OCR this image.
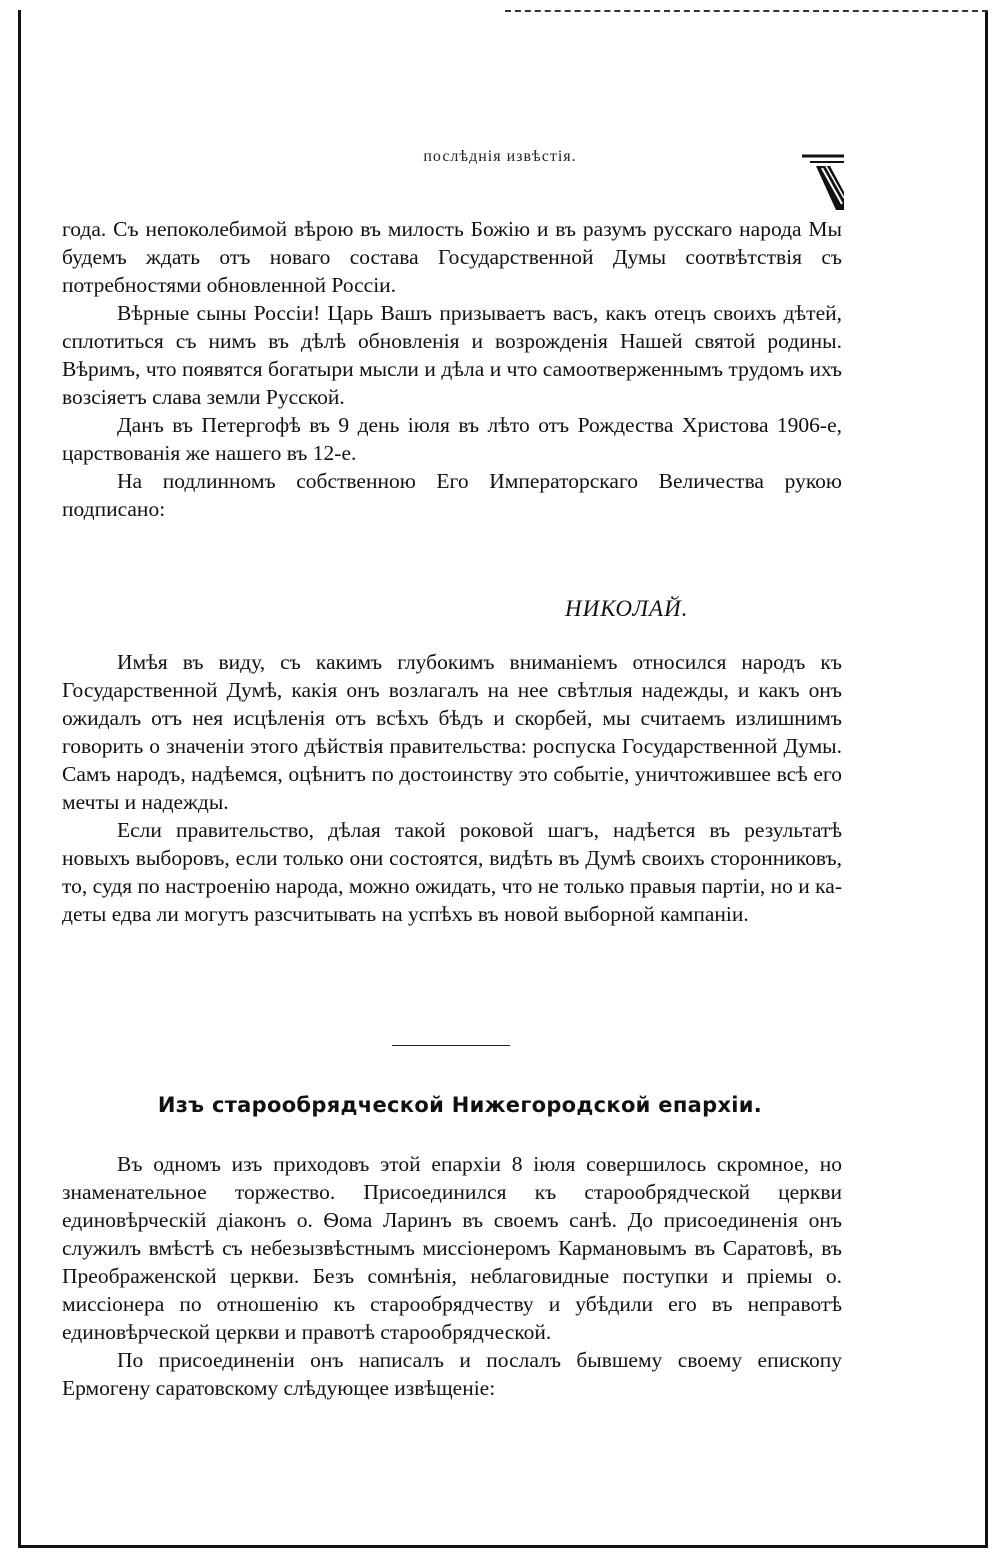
послѣднія извѣстія.

года. Съ непоколебимой вѣрою въ милость Божію и въ разумъ русскаго народа Мы будемъ ждать отъ новаго состава Государственной Думы соотвѣтствія съ потребностями обновленной Россіи.

Вѣрные сыны Россіи! Царь Вашъ призываетъ васъ, какъ отецъ своихъ дѣтей, сплотиться съ нимъ въ дѣлѣ обновленія и возрожденія Нашей святой родины. Вѣримъ, что появятся богатыри мысли и дѣла и что самоотверженнымъ трудомъ ихъ возсіяетъ слава земли Русской.

Данъ въ Петергофѣ въ 9 день іюля въ лѣто отъ Рождества Христова 1906-е, царствованія же нашего въ 12-е.

На подлинномъ собственною Его Императорскаго Величества рукою подписано:

НИКОЛАЙ.

Имѣя въ виду, съ какимъ глубокимъ вниманіемъ относился народъ къ Государственной Думѣ, какія онъ возлагалъ на нее свѣтлыя надежды, и какъ онъ ожидалъ отъ нея исцѣленія отъ всѣхъ бѣдъ и скорбей, мы считаемъ излишнимъ говорить о значеніи этого дѣйствія правительства: роспуска Государственной Думы. Самъ народъ, надѣемся, оцѣнитъ по достоинству это событіе, уничтожившее всѣ его мечты и надежды.

Если правительство, дѣлая такой роковой шагъ, надѣется въ результатѣ новыхъ выборовъ, если только они состоятся, видѣть въ Думѣ своихъ сторонниковъ, то, судя по настроенію народа, можно ожидать, что не только правыя партіи, но и ка-деты едва ли могутъ разсчитывать на успѣхъ въ новой выборной кампаніи.

Изъ старообрядческой Нижегородской епархіи.

Въ одномъ изъ приходовъ этой епархіи 8 іюля совершилось скромное, но знаменательное торжество. Присоединился къ старообрядческой церкви единовѣрческій діаконъ о. Ѳома Ларинъ въ своемъ санѣ. До присоединенія онъ служилъ вмѣстѣ съ небезызвѣстнымъ миссіонеромъ Кармановымъ въ Саратовѣ, въ Преображенской церкви. Безъ сомнѣнія, неблаговидные поступки и пріемы о. миссіонера по отношенію къ старообрядчеству и убѣдили его въ неправотѣ единовѣрческой церкви и правотѣ старообрядческой.

По присоединеніи онъ написалъ и послалъ бывшему своему епископу Ермогену саратовскому слѣдующее извѣщеніе:
